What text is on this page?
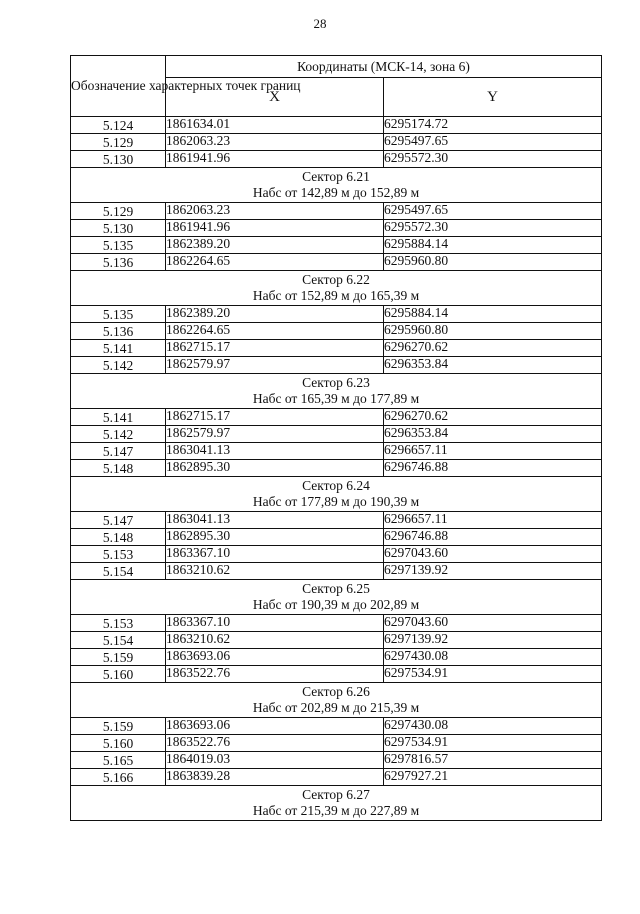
28
Обозначение характерных точек границ	Координаты (МСК-14, зона 6)	
	X	Y
5.124	1861634.01	6295174.72
5.129	1862063.23	6295497.65
5.130	1861941.96	6295572.30

Сектор 6.21
Набс от 142,89 м до 152,89 м		

5.129	1862063.23	6295497.65
5.130	1861941.96	6295572.30
5.135	1862389.20	6295884.14
5.136	1862264.65	6295960.80

Сектор 6.22
Набс от 152,89 м до 165,39 м		

5.135	1862389.20	6295884.14
5.136	1862264.65	6295960.80
5.141	1862715.17	6296270.62
5.142	1862579.97	6296353.84

Сектор 6.23
Набс от 165,39 м до 177,89 м		

5.141	1862715.17	6296270.62
5.142	1862579.97	6296353.84
5.147	1863041.13	6296657.11
5.148	1862895.30	6296746.88

Сектор 6.24
Набс от 177,89 м до 190,39 м		

5.147	1863041.13	6296657.11
5.148	1862895.30	6296746.88
5.153	1863367.10	6297043.60
5.154	1863210.62	6297139.92

Сектор 6.25
Набс от 190,39 м до 202,89 м		

5.153	1863367.10	6297043.60
5.154	1863210.62	6297139.92
5.159	1863693.06	6297430.08
5.160	1863522.76	6297534.91

Сектор 6.26
Набс от 202,89 м до 215,39 м		

5.159	1863693.06	6297430.08
5.160	1863522.76	6297534.91
5.165	1864019.03	6297816.57
5.166	1863839.28	6297927.21

Сектор 6.27
Набс от 215,39 м до 227,89 м		
